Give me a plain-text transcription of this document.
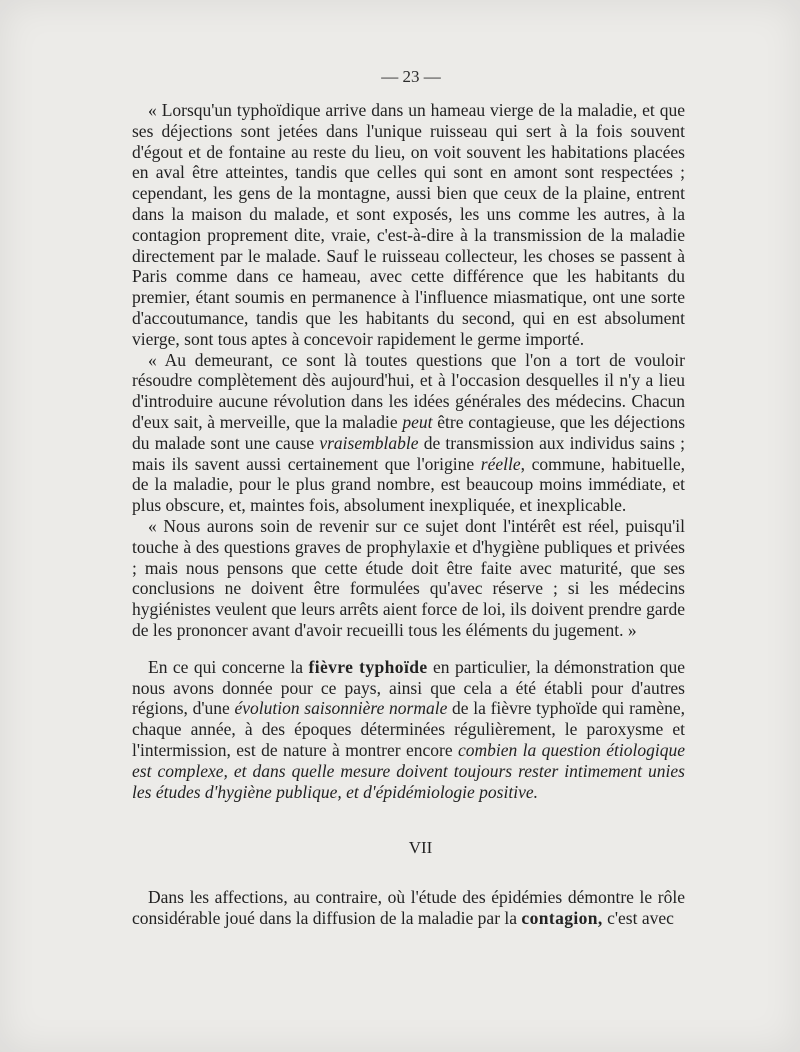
— 23 —

« Lorsqu'un typhoïdique arrive dans un hameau vierge de la maladie, et que ses déjections sont jetées dans l'unique ruisseau qui sert à la fois souvent d'égout et de fontaine au reste du lieu, on voit souvent les habitations placées en aval être atteintes, tandis que celles qui sont en amont sont respectées ; cependant, les gens de la montagne, aussi bien que ceux de la plaine, entrent dans la maison du malade, et sont exposés, les uns comme les autres, à la contagion proprement dite, vraie, c'est-à-dire à la transmission de la maladie directement par le malade. Sauf le ruisseau collecteur, les choses se passent à Paris comme dans ce hameau, avec cette différence que les habitants du premier, étant soumis en permanence à l'influence miasmatique, ont une sorte d'accoutumance, tandis que les habitants du second, qui en est absolument vierge, sont tous aptes à concevoir rapidement le germe importé.

« Au demeurant, ce sont là toutes questions que l'on a tort de vouloir résoudre complètement dès aujourd'hui, et à l'occasion desquelles il n'y a lieu d'introduire aucune révolution dans les idées générales des médecins. Chacun d'eux sait, à merveille, que la maladie peut être contagieuse, que les déjections du malade sont une cause vraisemblable de transmission aux individus sains ; mais ils savent aussi certainement que l'origine réelle, commune, habituelle, de la maladie, pour le plus grand nombre, est beaucoup moins immédiate, et plus obscure, et, maintes fois, absolument inexpliquée, et inexplicable.

« Nous aurons soin de revenir sur ce sujet dont l'intérêt est réel, puisqu'il touche à des questions graves de prophylaxie et d'hygiène publiques et privées ; mais nous pensons que cette étude doit être faite avec maturité, que ses conclusions ne doivent être formulées qu'avec réserve ; si les médecins hygiénistes veulent que leurs arrêts aient force de loi, ils doivent prendre garde de les prononcer avant d'avoir recueilli tous les éléments du jugement. »

En ce qui concerne la fièvre typhoïde en particulier, la démonstration que nous avons donnée pour ce pays, ainsi que cela a été établi pour d'autres régions, d'une évolution saisonnière normale de la fièvre typhoïde qui ramène, chaque année, à des époques déterminées régulièrement, le paroxysme et l'intermission, est de nature à montrer encore combien la question étiologique est complexe, et dans quelle mesure doivent toujours rester intimement unies les études d'hygiène publique, et d'épidémiologie positive.

VII

Dans les affections, au contraire, où l'étude des épidémies démontre le rôle considérable joué dans la diffusion de la maladie par la contagion, c'est avec
